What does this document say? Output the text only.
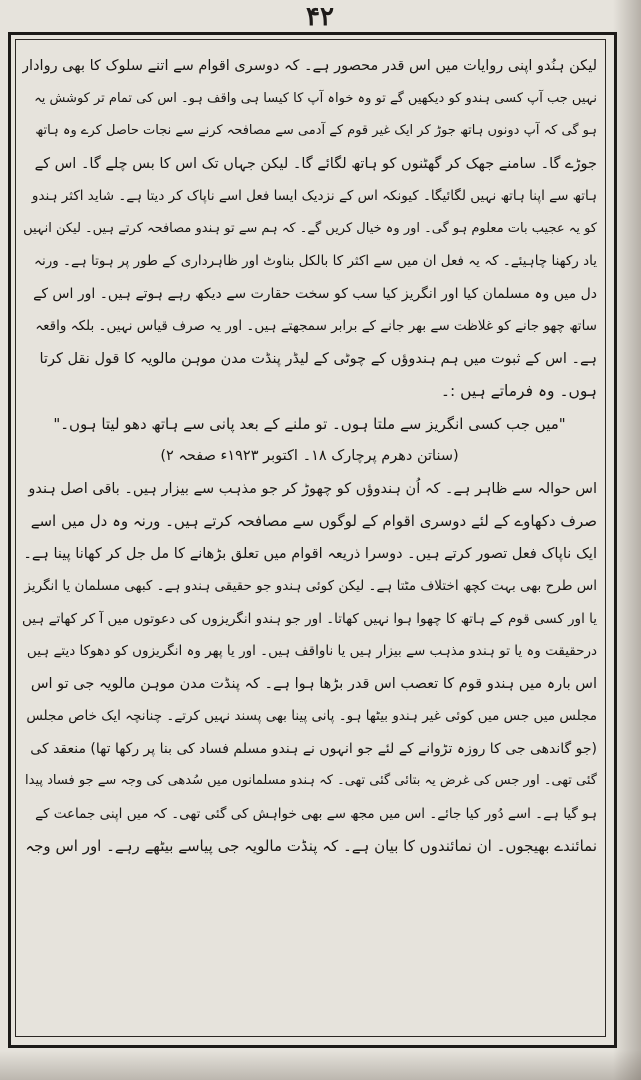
۴۲
لیکن ہنُدو اپنی روایات میں اس قدر محصور ہے۔ کہ دوسری اقوام سے اتنے سلوک کا بھی روادار
نہیں جب آپ کسی ہندو کو دیکھیں گے تو وہ خواہ آپ کا کیسا ہی واقف ہو۔ اس کی تمام تر کوشش یہ
ہو گی کہ آپ دونوں ہاتھ جوڑ کر ایک غیر قوم کے آدمی سے مصافحہ کرنے سے نجات حاصل کرے وہ ہاتھ
جوڑے گا۔ سامنے جھک کر گھٹنوں کو ہاتھ لگائے گا۔ لیکن جہاں تک اس کا بس چلے گا۔ اس کے
ہاتھ سے اپنا ہاتھ نہیں لگائیگا۔ کیونکہ اس کے نزدیک ایسا فعل اسے ناپاک کر دیتا ہے۔ شاید اکثر ہندو
کو یہ عجیب بات معلوم ہو گی۔ اور وہ خیال کریں گے۔ کہ ہم سے تو ہندو مصافحہ کرتے ہیں۔ لیکن انہیں
یاد رکھنا چاہیئے۔ کہ یہ فعل ان میں سے اکثر کا بالکل بناوٹ اور ظاہرداری کے طور پر ہوتا ہے۔ ورنہ
دل میں وہ مسلمان کیا اور انگریز کیا سب کو سخت حقارت سے دیکھ رہے ہوتے ہیں۔ اور اس کے
ساتھ چھو جانے کو غلاظت سے بھر جانے کے برابر سمجھتے ہیں۔ اور یہ صرف قیاس نہیں۔ بلکہ واقعہ
ہے۔ اس کے ثبوت میں ہم ہندوؤں کے چوٹی کے لیڈر پنڈت مدن موہن مالویہ کا قول نقل کرتا
ہوں۔ وہ فرماتے ہیں :۔
"میں جب کسی انگریز سے ملتا ہوں۔ تو ملنے کے بعد پانی سے ہاتھ دھو لیتا ہوں۔"
(سناتن دھرم پرچارک ۱۸۔ اکتوبر ۱۹۲۳ء صفحہ ۲)
اس حوالہ سے ظاہر ہے۔ کہ اُن ہندوؤں کو چھوڑ کر جو مذہب سے بیزار ہیں۔ باقی اصل ہندو
صرف دکھاوے کے لئے دوسری اقوام کے لوگوں سے مصافحہ کرتے ہیں۔ ورنہ وہ دل میں اسے
ایک ناپاک فعل تصور کرتے ہیں۔ دوسرا ذریعہ اقوام میں تعلق بڑھانے کا مل جل کر کھانا پینا ہے۔
اس طرح بھی بہت کچھ اختلاف مٹتا ہے۔ لیکن کوئی ہندو جو حقیقی ہندو ہے۔ کبھی مسلمان یا انگریز
یا اور کسی قوم کے ہاتھ کا چھوا ہوا نہیں کھاتا۔ اور جو ہندو انگریزوں کی دعوتوں میں آ کر کھاتے ہیں
درحقیقت وہ یا تو ہندو مذہب سے بیزار ہیں یا ناواقف ہیں۔ اور یا پھر وہ انگریزوں کو دھوکا دیتے ہیں
اس بارہ میں ہندو قوم کا تعصب اس قدر بڑھا ہوا ہے۔ کہ پنڈت مدن موہن مالویہ جی تو اس
مجلس میں جس میں کوئی غیر ہندو بیٹھا ہو۔ پانی پینا بھی پسند نہیں کرتے۔ چنانچہ ایک خاص مجلس
(جو گاندھی جی کا روزہ تڑوانے کے لئے جو انہوں نے ہندو مسلم فساد کی بنا پر رکھا تھا) منعقد کی
گئی تھی۔ اور جس کی غرض یہ بتائی گئی تھی۔ کہ ہندو مسلمانوں میں سُدھی کی وجہ سے جو فساد پیدا
ہو گیا ہے۔ اسے دُور کیا جائے۔ اس میں مجھ سے بھی خواہش کی گئی تھی۔ کہ میں اپنی جماعت کے
نمائندے بھیجوں۔ ان نمائندوں کا بیان ہے۔ کہ پنڈت مالویہ جی پیاسے بیٹھے رہے۔ اور اس وجہ
